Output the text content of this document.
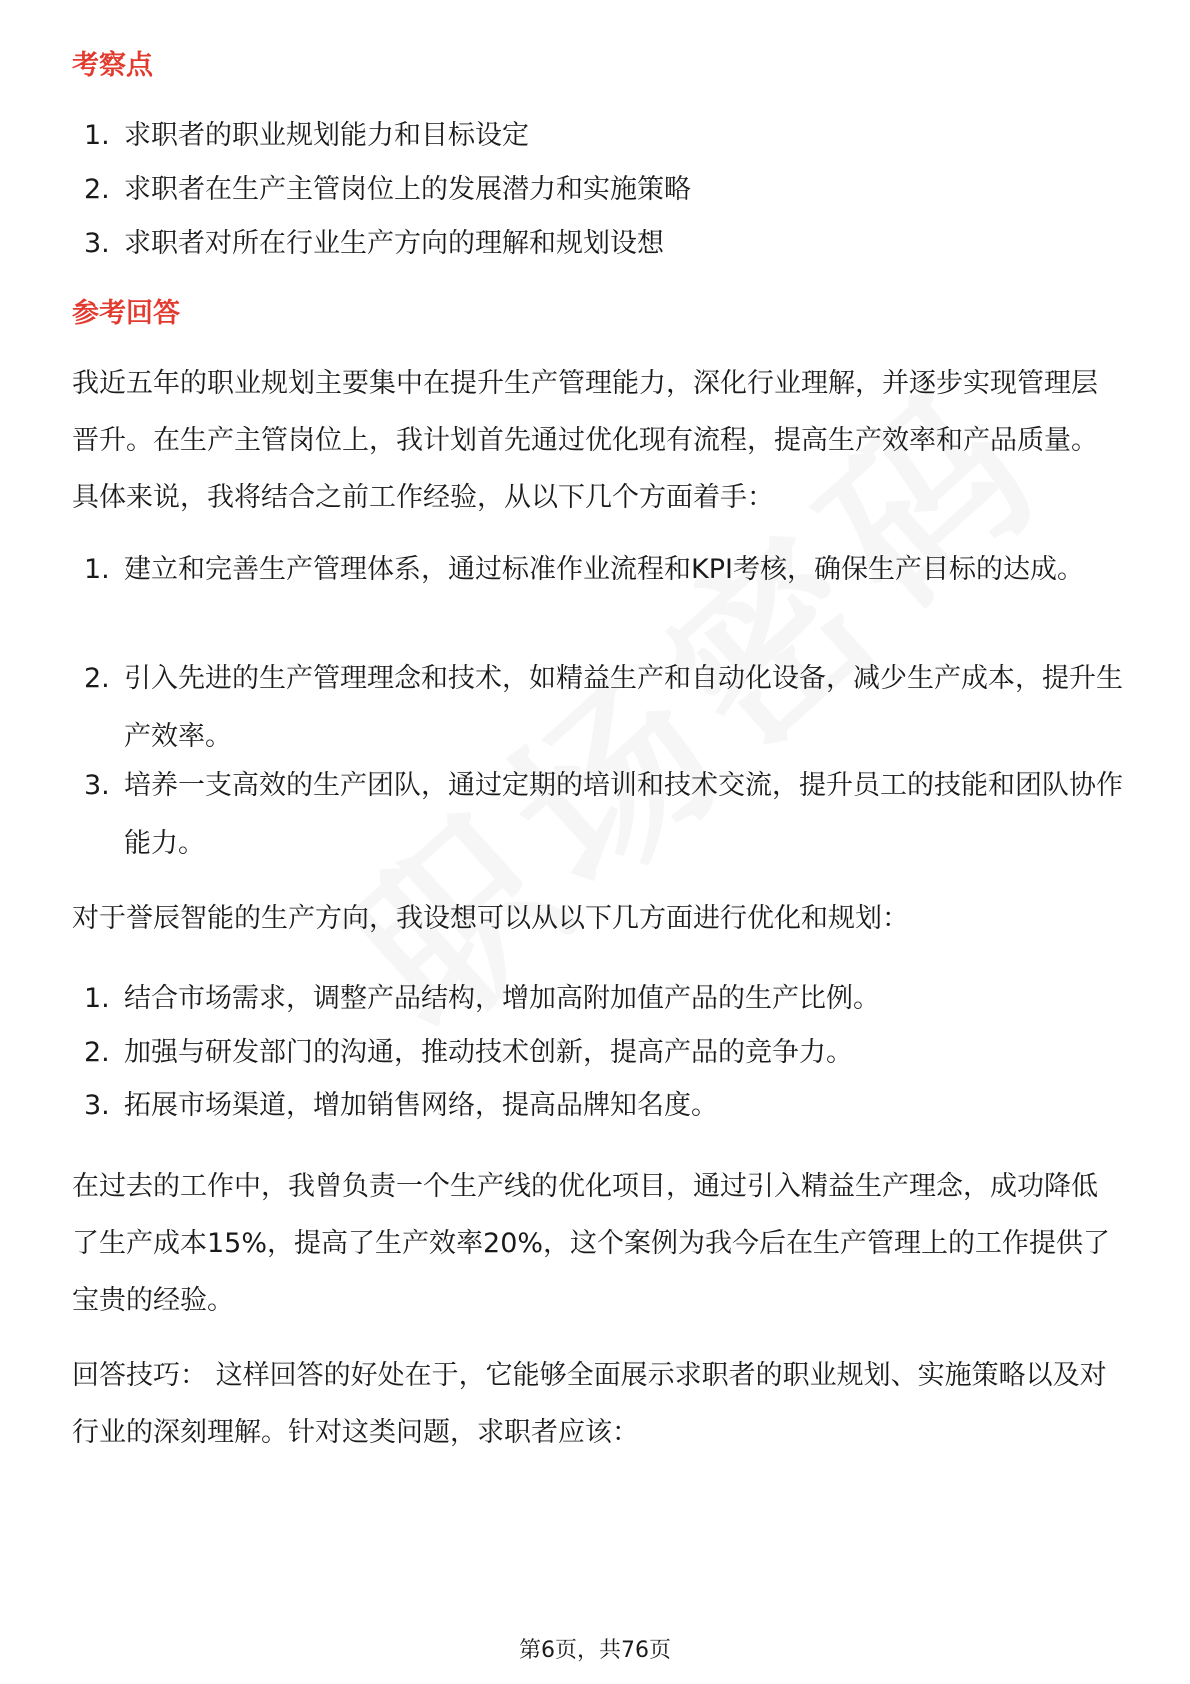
考察点
1. 求职者的职业规划能力和目标设定
2. 求职者在生产主管岗位上的发展潜力和实施策略
3. 求职者对所在行业生产方向的理解和规划设想
参考回答
我近五年的职业规划主要集中在提升生产管理能力，深化行业理解，并逐步实现管理层晋升。在生产主管岗位上，我计划首先通过优化现有流程，提高生产效率和产品质量。具体来说，我将结合之前工作经验，从以下几个方面着手：
1. 建立和完善生产管理体系，通过标准作业流程和KPI考核，确保生产目标的达成。
2. 引入先进的生产管理理念和技术，如精益生产和自动化设备，减少生产成本，提升生产效率。
3. 培养一支高效的生产团队，通过定期的培训和技术交流，提升员工的技能和团队协作能力。
对于誉辰智能的生产方向，我设想可以从以下几方面进行优化和规划：
1. 结合市场需求，调整产品结构，增加高附加值产品的生产比例。
2. 加强与研发部门的沟通，推动技术创新，提高产品的竞争力。
3. 拓展市场渠道，增加销售网络，提高品牌知名度。
在过去的工作中，我曾负责一个生产线的优化项目，通过引入精益生产理念，成功降低了生产成本15%，提高了生产效率20%，这个案例为我今后在生产管理上的工作提供了宝贵的经验。
回答技巧： 这样回答的好处在于，它能够全面展示求职者的职业规划、实施策略以及对行业的深刻理解。针对这类问题，求职者应该：
第6页，共76页
